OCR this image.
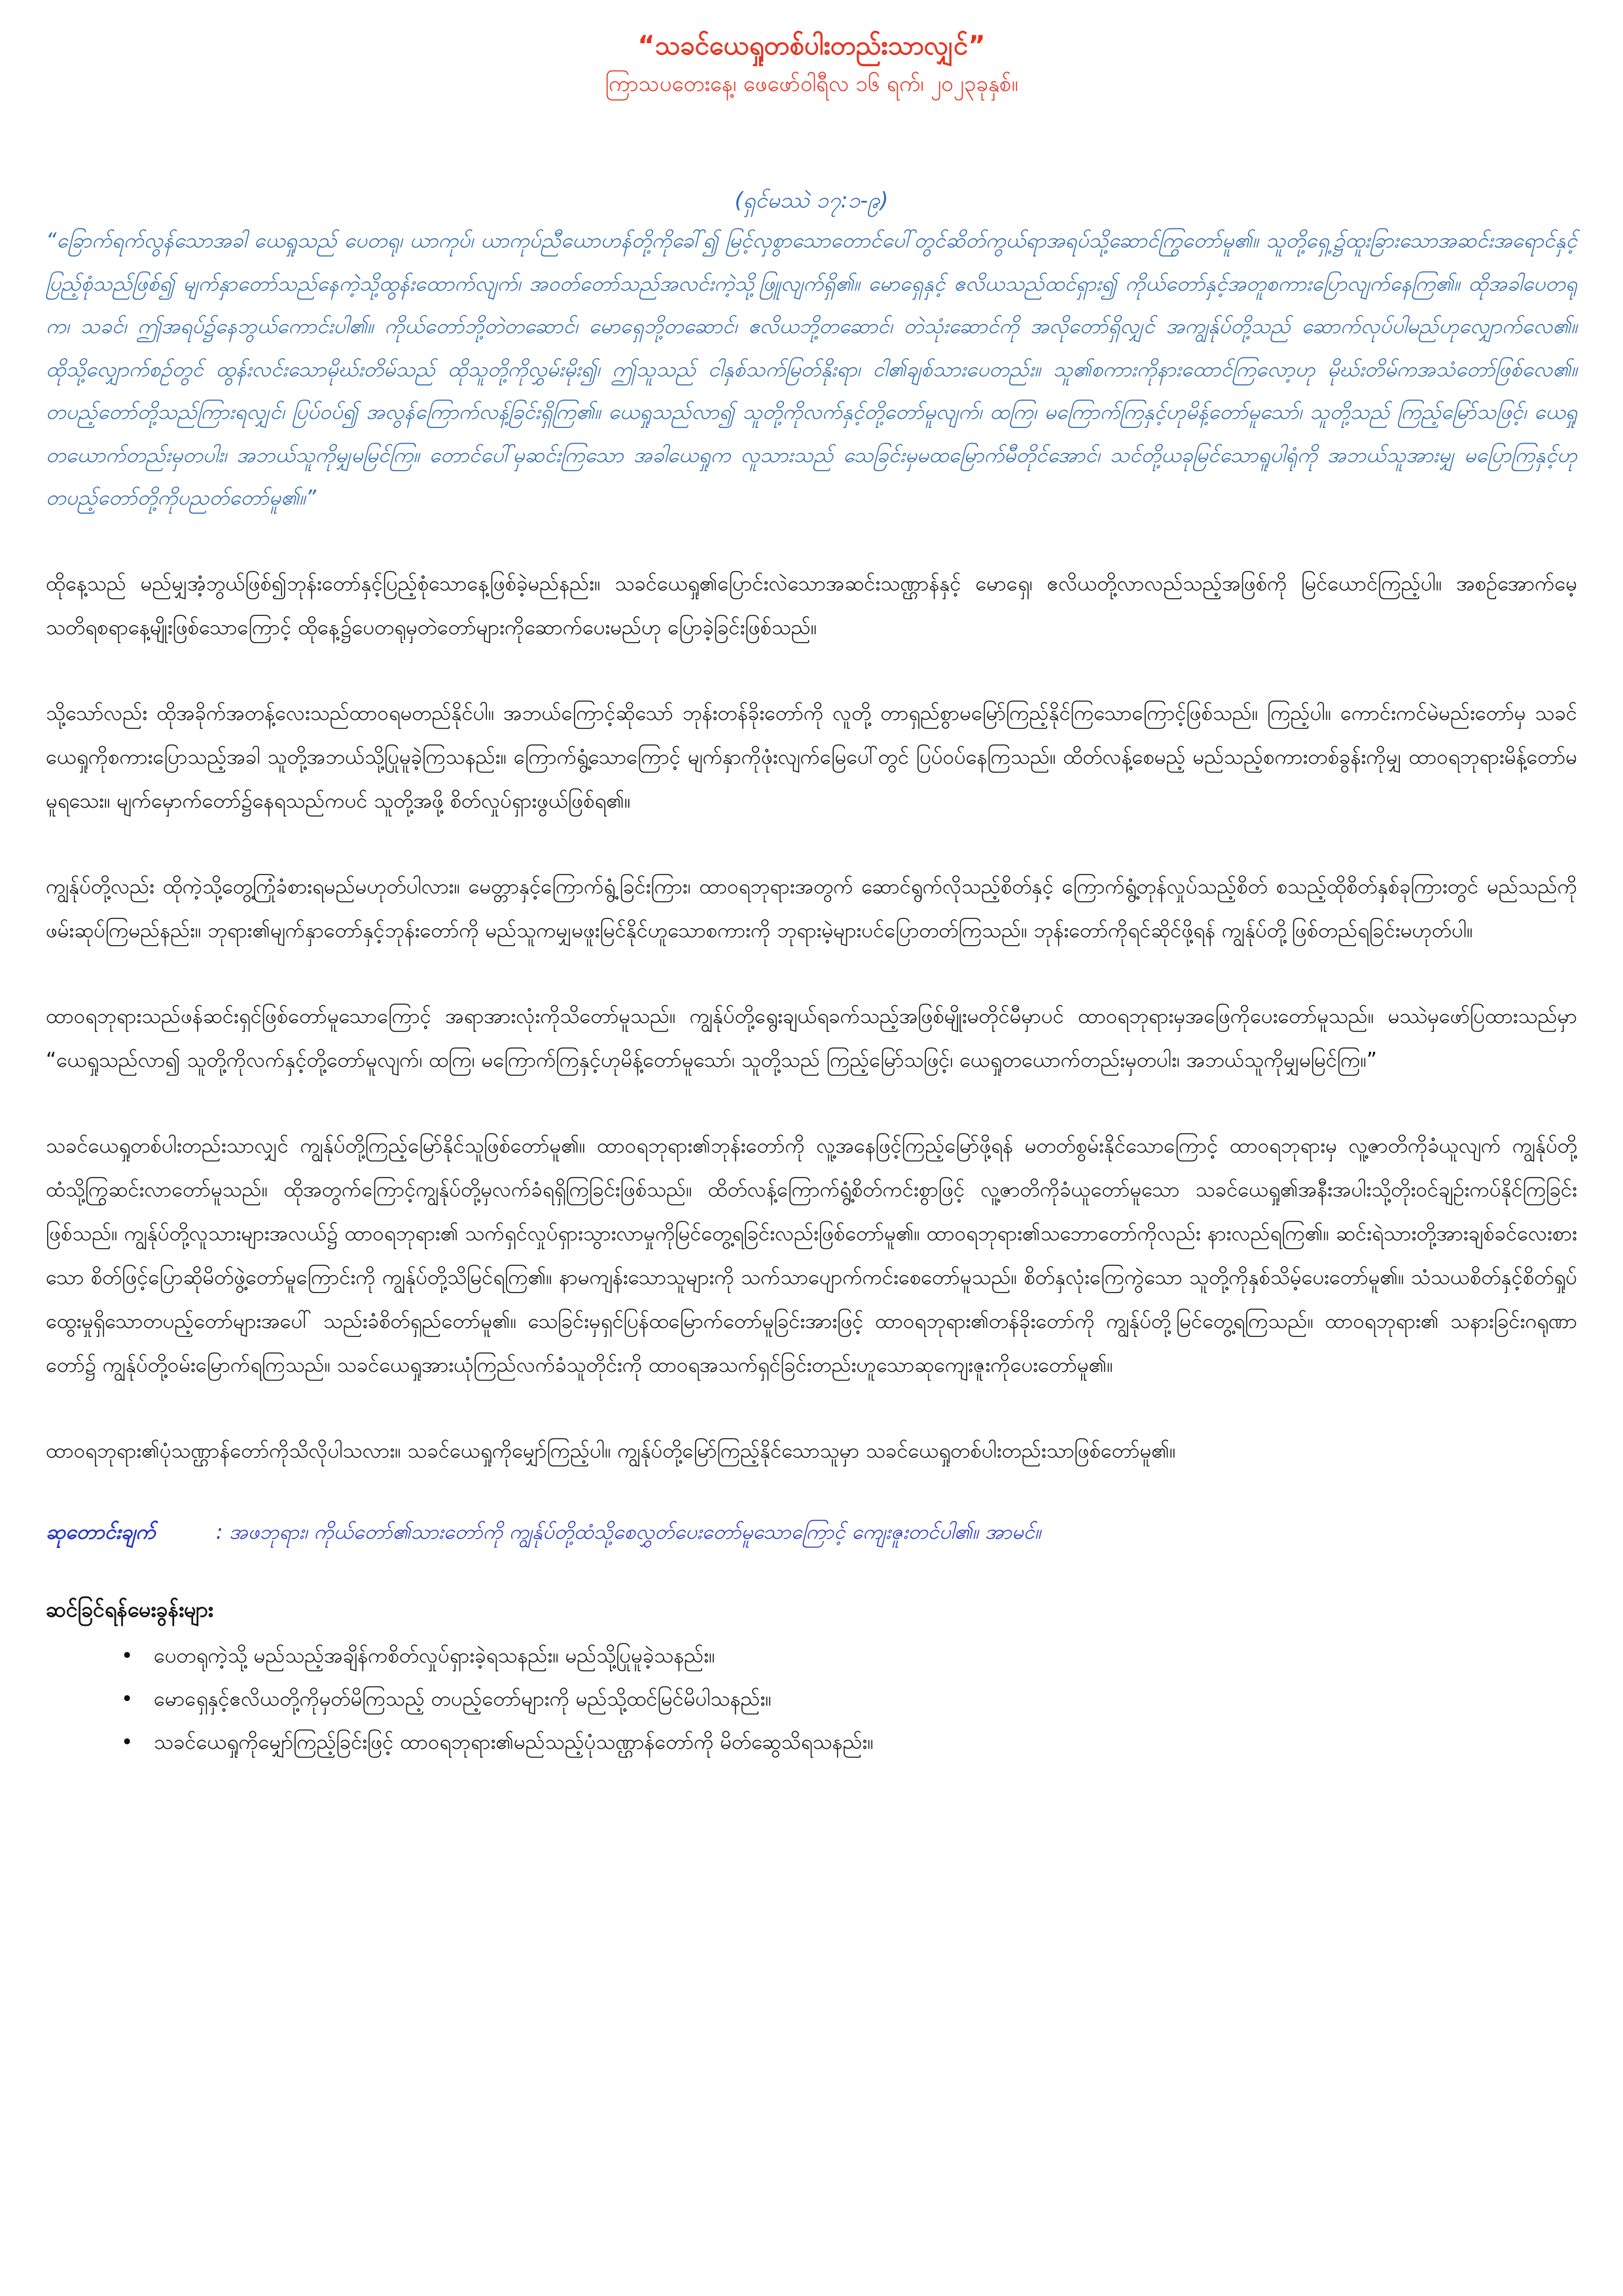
“သခင်ယေရှုတစ်ပါးတည်းသာလျှင်”

ကြာသပတေးနေ့၊ ဖေဖော်ဝါရီလ ၁၆ ရက်၊ ၂၀၂၃ခုနှစ်။

(ရှင်မဿဲ ၁၇:၁-၉)

“ခြောက်ရက်လွန်သောအခါ ယေရှုသည် ပေတရု၊ ယာကုပ်၊ ယာကုပ်ညီယောဟန်တို့ကိုခေါ်၍ မြင့်လှစွာသောတောင်ပေါ်တွင်ဆိတ်ကွယ်ရာအရပ်သို့ဆောင်ကြွတော်မူ၏။ သူတို့ရှေ့၌ထူးခြားသောအဆင်းအရောင်နှင့်ပြည့်စုံသည်ဖြစ်၍ မျက်နှာတော်သည်နေကဲ့သို့ထွန်းထောက်လျက်၊ အဝတ်တော်သည်အလင်းကဲ့သို့ဖြူလျက်ရှိ၏။ မောရှေနှင့် ဧလိယသည်ထင်ရှား၍ ကိုယ်တော်နှင့်အတူစကားပြောလျက်နေကြ၏။ ထိုအခါပေတရုက၊ သခင်၊ ဤအရပ်၌နေဘွယ်ကောင်းပါ၏။ ကိုယ်တော်ဘို့တဲတဆောင်၊ မောရှေဘို့တဆောင်၊ ဧလိယဘို့တဆောင်၊ တဲသုံးဆောင်ကို အလိုတော်ရှိလျှင် အကျွန်ုပ်တို့သည် ဆောက်လုပ်ပါမည်ဟုလျှောက်လေ၏။ ထိုသို့လျှောက်စဉ်တွင် ထွန်းလင်းသောမိုဃ်းတိမ်သည် ထိုသူတို့ကိုလွှမ်းမိုး၍၊ ဤသူသည် ငါနှစ်သက်မြတ်နိုးရာ၊ ငါ၏ချစ်သားပေတည်း။ သူ၏စကားကိုနားထောင်ကြလော့ဟု မိုဃ်းတိမ်ကအသံတော်ဖြစ်လေ၏။ တပည့်တော်တို့သည်ကြားရလျှင်၊ ပြပ်ဝပ်၍ အလွန်ကြောက်လန့်ခြင်းရှိကြ၏။ ယေရှုသည်လာ၍ သူတို့ကိုလက်နှင့်တို့တော်မူလျက်၊ ထကြ၊ မကြောက်ကြနှင့်ဟုမိန့်တော်မူသော်၊ သူတို့သည် ကြည့်မြော်သဖြင့်၊ ယေရှုတယောက်တည်းမှတပါး၊ အဘယ်သူကိုမျှမမြင်ကြ။ တောင်ပေါ်မှဆင်းကြသော အခါယေရှုက လူသားသည် သေခြင်းမှမထမြောက်မီတိုင်အောင်၊ သင်တို့ယခုမြင်သောရူပါရုံကို အဘယ်သူအားမျှ မပြောကြနှင့်ဟုတပည့်တော်တို့ကိုပညတ်တော်မူ၏။”

ထိုနေ့သည် မည်မျှအံ့ဘွယ်ဖြစ်၍ဘုန်းတော်နှင့်ပြည့်စုံသောနေ့ဖြစ်ခဲ့မည်နည်း။ သခင်ယေရှု၏ပြောင်းလဲသောအဆင်းသဏ္ဌာန်နှင့် မောရှေ၊ ဧလိယတို့လာလည်သည့်အဖြစ်ကို မြင်ယောင်ကြည့်ပါ။ အစဉ်အောက်မေ့သတိရစရာနေ့မျိုးဖြစ်သောကြောင့် ထိုနေ့၌ပေတရုမှတဲတော်များကိုဆောက်ပေးမည်ဟု ပြောခဲ့ခြင်းဖြစ်သည်။

သို့သော်လည်း ထိုအခိုက်အတန့်လေးသည်ထာဝရမတည်နိုင်ပါ။ အဘယ်ကြောင့်ဆိုသော် ဘုန်းတန်ခိုးတော်ကို လူတို့ တာရှည်စွာမမြော်ကြည့်နိုင်ကြသောကြောင့်ဖြစ်သည်။ ကြည့်ပါ။ ကောင်းကင်မဲမည်းတော်မှ သခင်ယေရှုကိုစကားပြောသည့်အခါ သူတို့အဘယ်သို့ပြုမူခဲ့ကြသနည်း။ ကြောက်ရွံ့သောကြောင့် မျက်နှာကိုဖုံးလျက်မြေပေါ်တွင် ပြပ်ဝပ်နေကြသည်။ ထိတ်လန့်စေမည့် မည်သည့်စကားတစ်ခွန်းကိုမျှ ထာဝရဘုရားမိန့်တော်မမူရသေး။ မျက်မှောက်တော်၌နေရသည်ကပင် သူတို့အဖို့ စိတ်လှုပ်ရှားဖွယ်ဖြစ်ရ၏။

ကျွန်ုပ်တို့လည်း ထိုကဲ့သို့တွေ့ကြုံခံစားရမည်မဟုတ်ပါလား။ မေတ္တာနှင့်ကြောက်ရွံ့ခြင်းကြား၊ ထာဝရဘုရားအတွက် ဆောင်ရွက်လိုသည့်စိတ်နှင့် ကြောက်ရွံ့တုန်လှုပ်သည့်စိတ် စသည့်ထိုစိတ်နှစ်ခုကြားတွင် မည်သည်ကိုဖမ်းဆုပ်ကြမည်နည်း။ ဘုရား၏မျက်နှာတော်နှင့်ဘုန်းတော်ကို မည်သူကမျှမဖူးမြင်နိုင်ဟူသောစကားကို ဘုရားမဲ့များပင်ပြောတတ်ကြသည်။ ဘုန်းတော်ကိုရင်ဆိုင်ဖို့ရန် ကျွန်ုပ်တို့ဖြစ်တည်ရခြင်းမဟုတ်ပါ။

ထာဝရဘုရားသည်ဖန်ဆင်းရှင်ဖြစ်တော်မူသောကြောင့် အရာအားလုံးကိုသိတော်မူသည်။ ကျွန်ုပ်တို့ရွေးချယ်ရခက်သည့်အဖြစ်မျိုးမတိုင်မီမှာပင် ထာဝရဘုရားမှအဖြေကိုပေးတော်မူသည်။ မဿဲမှဖော်ပြထားသည်မှာ “ယေရှုသည်လာ၍ သူတို့ကိုလက်နှင့်တို့တော်မူလျက်၊ ထကြ၊ မကြောက်ကြနှင့်ဟုမိန့်တော်မူသော်၊ သူတို့သည် ကြည့်မြော်သဖြင့်၊ ယေရှုတယောက်တည်းမှတပါး၊ အဘယ်သူကိုမျှမမြင်ကြ။”

သခင်ယေရှုတစ်ပါးတည်းသာလျှင် ကျွန်ုပ်တို့ကြည့်မြော်နိုင်သူဖြစ်တော်မူ၏။ ထာဝရဘုရား၏ဘုန်းတော်ကို လူ့အနေဖြင့်ကြည့်မြော်ဖို့ရန် မတတ်စွမ်းနိုင်သောကြောင့် ထာဝရဘုရားမှ လူ့ဇာတိကိုခံယူလျက် ကျွန်ုပ်တို့ထံသို့ကြွဆင်းလာတော်မူသည်။ ထိုအတွက်ကြောင့်ကျွန်ုပ်တို့မှလက်ခံရရှိကြခြင်းဖြစ်သည်။ ထိတ်လန့်ကြောက်ရွံ့စိတ်ကင်းစွာဖြင့် လူ့ဇာတိကိုခံယူတော်မူသော သခင်ယေရှု၏အနီးအပါးသို့တိုးဝင်ချဉ်းကပ်နိုင်ကြခြင်းဖြစ်သည်။ ကျွန်ုပ်တို့လူသားများအလယ်၌ ထာဝရဘုရား၏ သက်ရှင်လှုပ်ရှားသွားလာမှုကိုမြင်တွေ့ရခြင်းလည်းဖြစ်တော်မူ၏။ ထာဝရဘုရား၏သဘောတော်ကိုလည်း နားလည်ရကြ၏။ ဆင်းရဲသားတို့အားချစ်ခင်လေးစားသော စိတ်ဖြင့်ပြောဆိုမိတ်ဖွဲ့တော်မူကြောင်းကို ကျွန်ုပ်တို့သိမြင်ရကြ၏။ နာမကျန်းသောသူများကို သက်သာပျောက်ကင်းစေတော်မူသည်။ စိတ်နှလုံးကြေကွဲသော သူတို့ကိုနှစ်သိမ့်ပေးတော်မူ၏။ သံသယစိတ်နှင့်စိတ်ရှုပ်ထွေးမှုရှိသောတပည့်တော်များအပေါ် သည်းခံစိတ်ရှည်တော်မူ၏။ သေခြင်းမှရှင်ပြန်ထမြောက်တော်မူခြင်းအားဖြင့် ထာဝရဘုရား၏တန်ခိုးတော်ကို ကျွန်ုပ်တို့မြင်တွေ့ရကြသည်။ ထာဝရဘုရား၏ သနားခြင်းဂရုဏာတော်၌ ကျွန်ုပ်တို့ဝမ်းမြောက်ရကြသည်။ သခင်ယေရှုအားယုံကြည်လက်ခံသူတိုင်းကို ထာဝရအသက်ရှင်ခြင်းတည်းဟူသောဆုကျေးဇူးကိုပေးတော်မူ၏။

ထာဝရဘုရား၏ပုံသဏ္ဌာန်တော်ကိုသိလိုပါသလား။ သခင်ယေရှုကိုမျှော်ကြည့်ပါ။ ကျွန်ုပ်တို့မြော်ကြည့်နိုင်သောသူမှာ သခင်ယေရှုတစ်ပါးတည်းသာဖြစ်တော်မူ၏။

ဆုတောင်းချက်	: အဖဘုရား၊ ကိုယ်တော်၏သားတော်ကို ကျွန်ုပ်တို့ထံသို့စေလွှတ်ပေးတော်မူသောကြောင့် ကျေးဇူးတင်ပါ၏။ အာမင်။
ဆင်ခြင်ရန်မေးခွန်းများ
• ပေတရုကဲ့သို့ မည်သည့်အချိန်ကစိတ်လှုပ်ရှားခဲ့ရသနည်း။ မည်သို့ပြုမူခဲ့သနည်း။
• မောရှေနှင့်ဧလိယတို့ကိုမှတ်မိကြသည့် တပည့်တော်များကို မည်သို့ထင်မြင်မိပါသနည်း။
• သခင်ယေရှုကိုမျှော်ကြည့်ခြင်းဖြင့် ထာဝရဘုရား၏မည်သည့်ပုံသဏ္ဌာန်တော်ကို မိတ်ဆွေသိရသနည်း။
